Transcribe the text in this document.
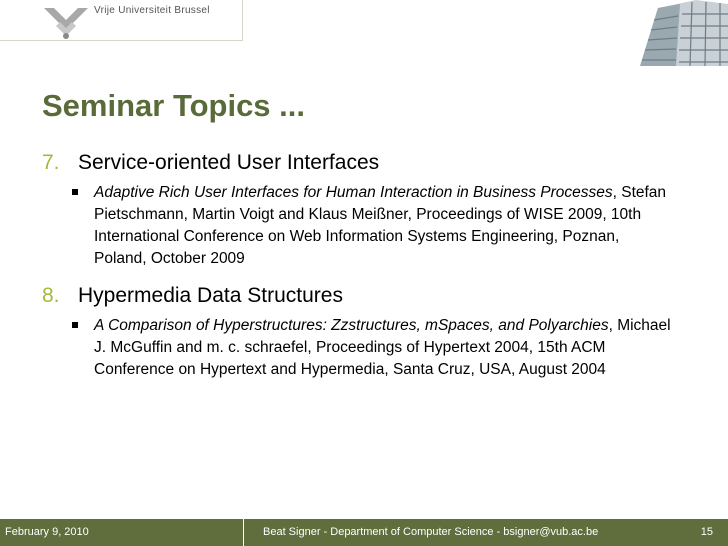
Vrije Universiteit Brussel
Seminar Topics ...
7. Service-oriented User Interfaces
Adaptive Rich User Interfaces for Human Interaction in Business Processes, Stefan Pietschmann, Martin Voigt and Klaus Meißner, Proceedings of WISE 2009, 10th International Conference on Web Information Systems Engineering, Poznan, Poland, October 2009
8. Hypermedia Data Structures
A Comparison of Hyperstructures: Zzstructures, mSpaces, and Polyarchies, Michael J. McGuffin and m. c. schraefel, Proceedings of Hypertext 2004, 15th ACM Conference on Hypertext and Hypermedia, Santa Cruz, USA, August 2004
February 9, 2010	Beat Signer - Department of Computer Science - bsigner@vub.ac.be	15
